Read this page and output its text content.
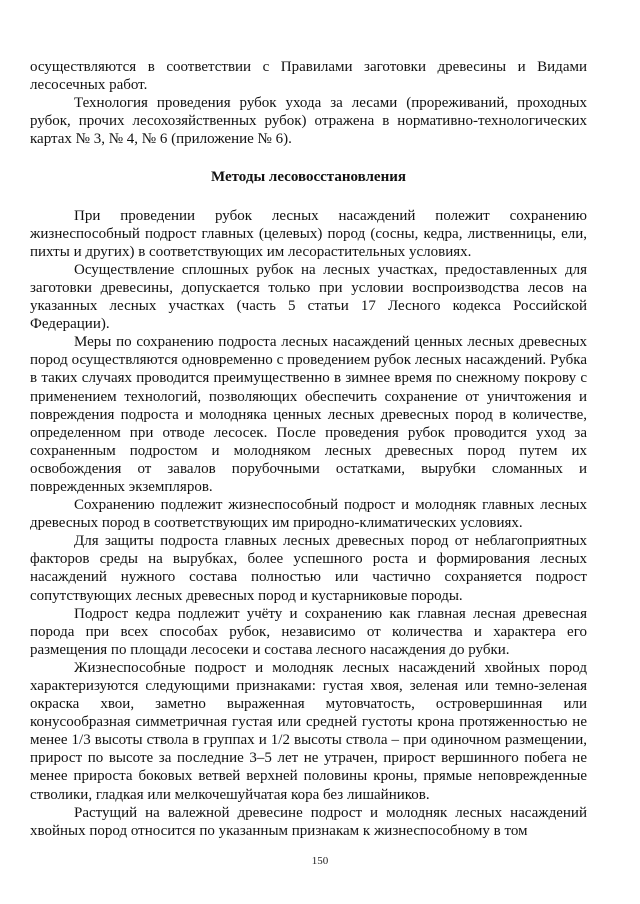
осуществляются в соответствии с Правилами заготовки древесины и Видами лесосечных работ.

Технология проведения рубок ухода за лесами (прореживаний, проходных рубок, прочих лесохозяйственных рубок) отражена в нормативно-технологических картах № 3, № 4, № 6 (приложение № 6).

Методы лесовосстановления

При проведении рубок лесных насаждений полежит сохранению жизнеспособный подрост главных (целевых) пород (сосны, кедра, лиственницы, ели, пихты и других) в соответствующих им лесорастительных условиях.

Осуществление сплошных рубок на лесных участках, предоставленных для заготовки древесины, допускается только при условии воспроизводства лесов на указанных лесных участках (часть 5 статьи 17 Лесного кодекса Российской Федерации).

Меры по сохранению подроста лесных насаждений ценных лесных древесных пород осуществляются одновременно с проведением рубок лесных насаждений. Рубка в таких случаях проводится преимущественно в зимнее время по снежному покрову с применением технологий, позволяющих обеспечить сохранение от уничтожения и повреждения подроста и молодняка ценных лесных древесных пород в количестве, определенном при отводе лесосек. После проведения рубок проводится уход за сохраненным подростом и молодняком лесных древесных пород путем их освобождения от завалов порубочными остатками, вырубки сломанных и поврежденных экземпляров.

Сохранению подлежит жизнеспособный подрост и молодняк главных лесных древесных пород в соответствующих им природно-климатических условиях.

Для защиты подроста главных лесных древесных пород от неблагоприятных факторов среды на вырубках, более успешного роста и формирования лесных насаждений нужного состава полностью или частично сохраняется подрост сопутствующих лесных древесных пород и кустарниковые породы.

Подрост кедра подлежит учёту и сохранению как главная лесная древесная порода при всех способах рубок, независимо от количества и характера его размещения по площади лесосеки и состава лесного насаждения до рубки.

Жизнеспособные подрост и молодняк лесных насаждений хвойных пород характеризуются следующими признаками: густая хвоя, зеленая или темно-зеленая окраска хвои, заметно выраженная мутовчатость, островершинная или конусообразная симметричная густая или средней густоты крона протяженностью не менее 1/3 высоты ствола в группах и 1/2 высоты ствола – при одиночном размещении, прирост по высоте за последние 3–5 лет не утрачен, прирост вершинного побега не менее прироста боковых ветвей верхней половины кроны, прямые неповрежденные стволики, гладкая или мелкочешуйчатая кора без лишайников.

Растущий на валежной древесине подрост и молодняк лесных насаждений хвойных пород относится по указанным признакам к жизнеспособному в том

150
